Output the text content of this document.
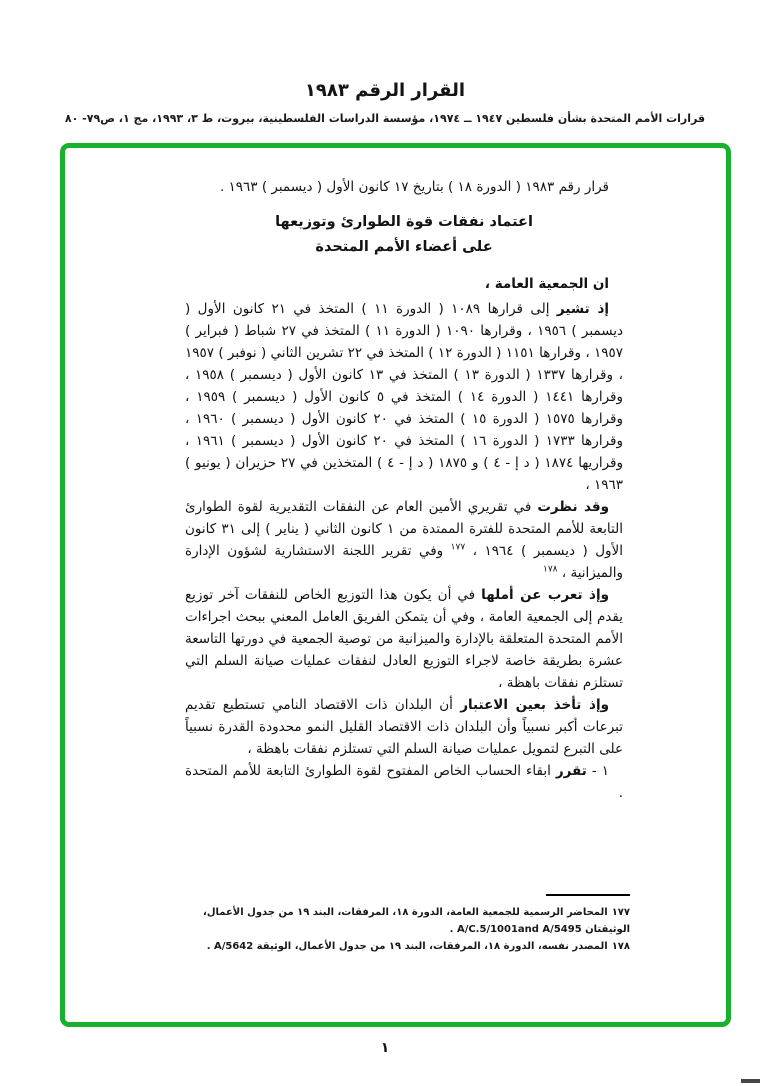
القرار الرقم ١٩٨٣
قرارات الأمم المتحدة بشأن فلسطين ١٩٤٧ ــ ١٩٧٤، مؤسسة الدراسات الفلسطينية، بيروت، ط ٣، ١٩٩٣، مج ١، ص٧٩- ٨٠

قرار رقم ١٩٨٣ ( الدورة ١٨ ) بتاريخ ١٧ كانون الأول ( ديسمبر ) ١٩٦٣ .

اعتماد نفقات قوة الطوارئ وتوزيعها
على أعضاء الأمم المتحدة

ان الجمعية العامة ،

إذ تشير إلى قرارها ١٠٨٩ ( الدورة ١١ ) المتخذ في ٢١ كانون الأول ( ديسمبر ) ١٩٥٦ ، وقرارها ١٠٩٠ ( الدورة ١١ ) المتخذ في ٢٧ شباط ( فبراير ) ١٩٥٧ ، وقرارها ١١٥١ ( الدورة ١٢ ) المتخذ في ٢٢ تشرين الثاني ( نوفبر ) ١٩٥٧ ، وقرارها ١٣٣٧ ( الدورة ١٣ ) المتخذ في ١٣ كانون الأول ( ديسمبر ) ١٩٥٨ ، وقرارها ١٤٤١ ( الدورة ١٤ ) المتخذ في ٥ كانون الأول ( ديسمبر ) ١٩٥٩ ، وقرارها ١٥٧٥ ( الدورة ١٥ ) المتخذ في ٢٠ كانون الأول ( ديسمبر ) ١٩٦٠ ، وقرارها ١٧٣٣ ( الدورة ١٦ ) المتخذ في ٢٠ كانون الأول ( ديسمبر ) ١٩٦١ ، وقراريها ١٨٧٤ ( د إ - ٤ ) و ١٨٧٥ ( د إ - ٤ ) المتخذين في ٢٧ حزيران ( يونيو ) ١٩٦٣ ،

وقد نظرت في تقريري الأمين العام عن النفقات التقديرية لقوة الطوارئ التابعة للأمم المتحدة للفترة الممتدة من ١ كانون الثاني ( يناير ) إلى ٣١ كانون الأول ( ديسمبر ) ١٩٦٤ ، $^{١٧٧}$ وفي تقرير اللجنة الاستشارية لشؤون الإدارة والميزانية ، $^{١٧٨}$

وإذ تعرب عن أملها في أن يكون هذا التوزيع الخاص للنفقات آخر توزيع يقدم إلى الجمعية العامة ، وفي أن يتمكن الفريق العامل المعني ببحث اجراءات الأمم المتحدة المتعلقة بالإدارة والميزانية من توصية الجمعية في دورتها التاسعة عشرة بطريقة خاصة لاجراء التوزيع العادل لنفقات عمليات صيانة السلم التي تستلزم نفقات باهظة ،

وإذ تأخذ بعين الاعتبار أن البلدان ذات الاقتصاد النامي تستطيع تقديم تبرعات أكبر نسبياً وأن البلدان ذات الاقتصاد القليل النمو محدودة القدرة نسبياً على التبرع لتمويل عمليات صيانة السلم التي تستلزم نفقات باهظة ،

١ - تقرر ابقاء الحساب الخاص المفتوح لقوة الطوارئ التابعة للأمم المتحدة .

١٧٧المحاضر الرسمية للجمعية العامة، الدورة ١٨، المرفقات، البند ١٩ من جدول الأعمال، الوثيقتان A/C.5/1001and A/5495 .
١٧٨المصدر نفسه، الدورة ١٨، المرفقات، البند ١٩ من جدول الأعمال، الوثيقة A/5642 .
١
